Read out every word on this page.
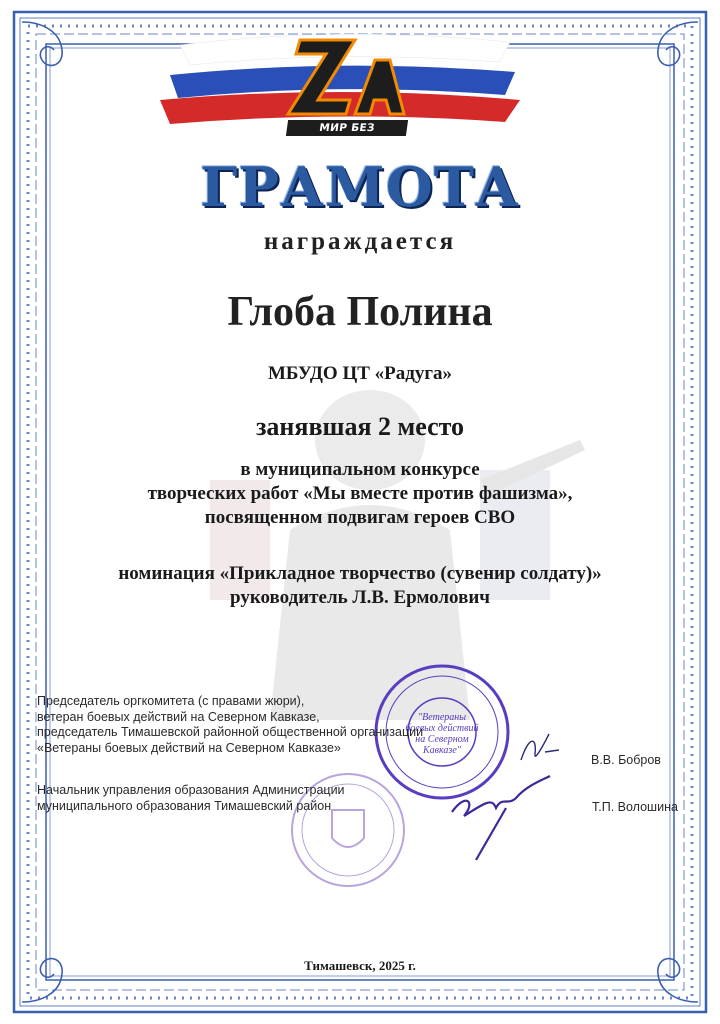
МИР БЕЗ ФАШИЗМА
ГРАМОТА
награждается
Глоба Полина
МБУДО ЦТ «Радуга»
занявшая 2 место
в муниципальном конкурсе
творческих работ «Мы вместе против фашизма»,
посвященном подвигам героев СВО
номинация «Прикладное творчество (сувенир солдату)»
руководитель Л.В. Ермолович
"Ветераны
боевых действий
на Северном
Кавказе"
Председатель оргкомитета (с правами жюри),
ветеран боевых действий на Северном Кавказе,
председатель Тимашевской районной общественной организации
«Ветераны боевых действий на Северном Кавказе»
В.В. Бобров
Начальник управления образования Администрации
муниципального образования Тимашевский район	Т.П. Волошина
Тимашевск, 2025 г.
